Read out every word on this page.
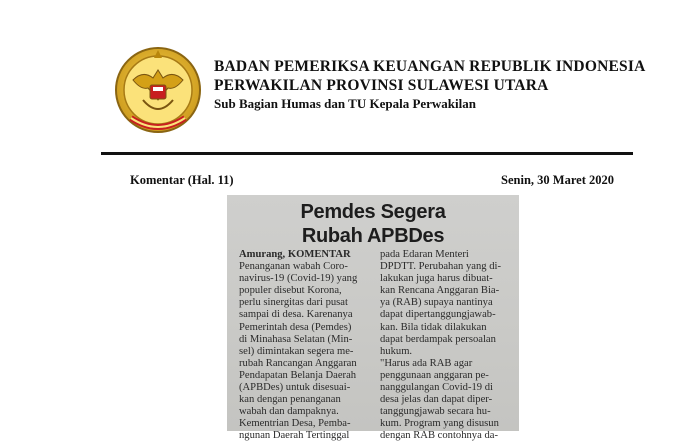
BADAN PEMERIKSA KEUANGAN REPUBLIK INDONESIA
PERWAKILAN PROVINSI SULAWESI UTARA
Sub Bagian Humas dan TU Kepala Perwakilan
Komentar (Hal. 11)	Senin, 30 Maret 2020
Pemdes Segera
Rubah APBDes
Amurang, KOMENTAR
Penanganan wabah Coro-
navirus-19 (Covid-19) yang
populer disebut Korona,
perlu sinergitas dari pusat
sampai di desa. Karenanya
Pemerintah desa (Pemdes)
di Minahasa Selatan (Min-
sel) dimintakan segera me-
rubah Rancangan Anggaran
Pendapatan Belanja Daerah
(APBDes) untuk disesuai-
kan dengan penanganan
wabah dan dampaknya.
Kementrian Desa, Pemba-
ngunan Daerah Tertinggal
pada Edaran Menteri
DPDTT. Perubahan yang di-
lakukan juga harus dibuat-
kan Rencana Anggaran Bia-
ya (RAB) supaya nantinya
dapat dipertanggungjawab-
kan. Bila tidak dilakukan
dapat berdampak persoalan
hukum.
"Harus ada RAB agar
penggunaan anggaran pe-
nanggulangan Covid-19 di
desa jelas dan dapat diper-
tanggungjawab secara hu-
kum. Program yang disusun
dengan RAB contohnya da-
